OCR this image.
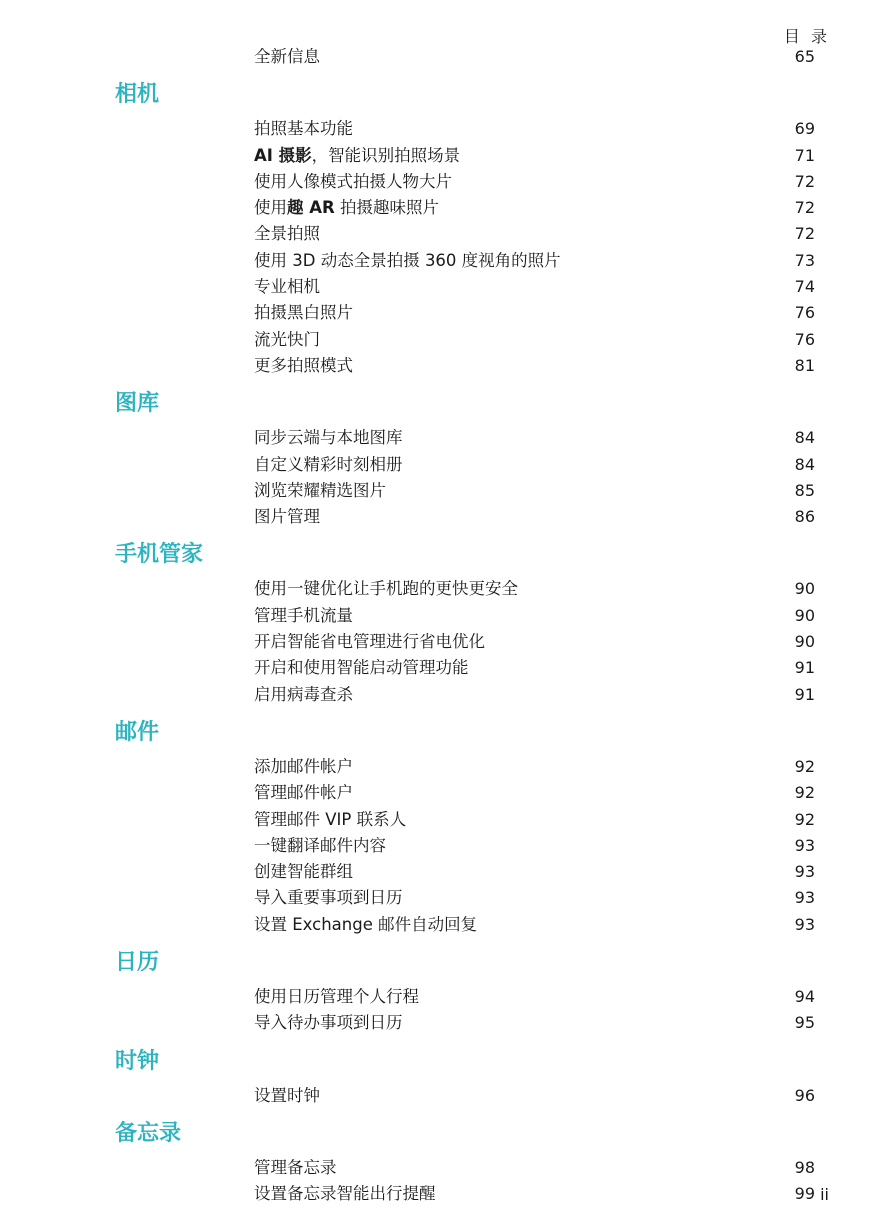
目 录
全新信息	65
相机
拍照基本功能	69
AI 摄影，智能识别拍照场景	71
使用人像模式拍摄人物大片	72
使用趣 AR 拍摄趣味照片	72
全景拍照	72
使用 3D 动态全景拍摄 360 度视角的照片	73
专业相机	74
拍摄黑白照片	76
流光快门	76
更多拍照模式	81
图库
同步云端与本地图库	84
自定义精彩时刻相册	84
浏览荣耀精选图片	85
图片管理	86
手机管家
使用一键优化让手机跑的更快更安全	90
管理手机流量	90
开启智能省电管理进行省电优化	90
开启和使用智能启动管理功能	91
启用病毒查杀	91
邮件
添加邮件帐户	92
管理邮件帐户	92
管理邮件 VIP 联系人	92
一键翻译邮件内容	93
创建智能群组	93
导入重要事项到日历	93
设置 Exchange 邮件自动回复	93
日历
使用日历管理个人行程	94
导入待办事项到日历	95
时钟
设置时钟	96
备忘录
管理备忘录	98
设置备忘录智能出行提醒	99 ii
